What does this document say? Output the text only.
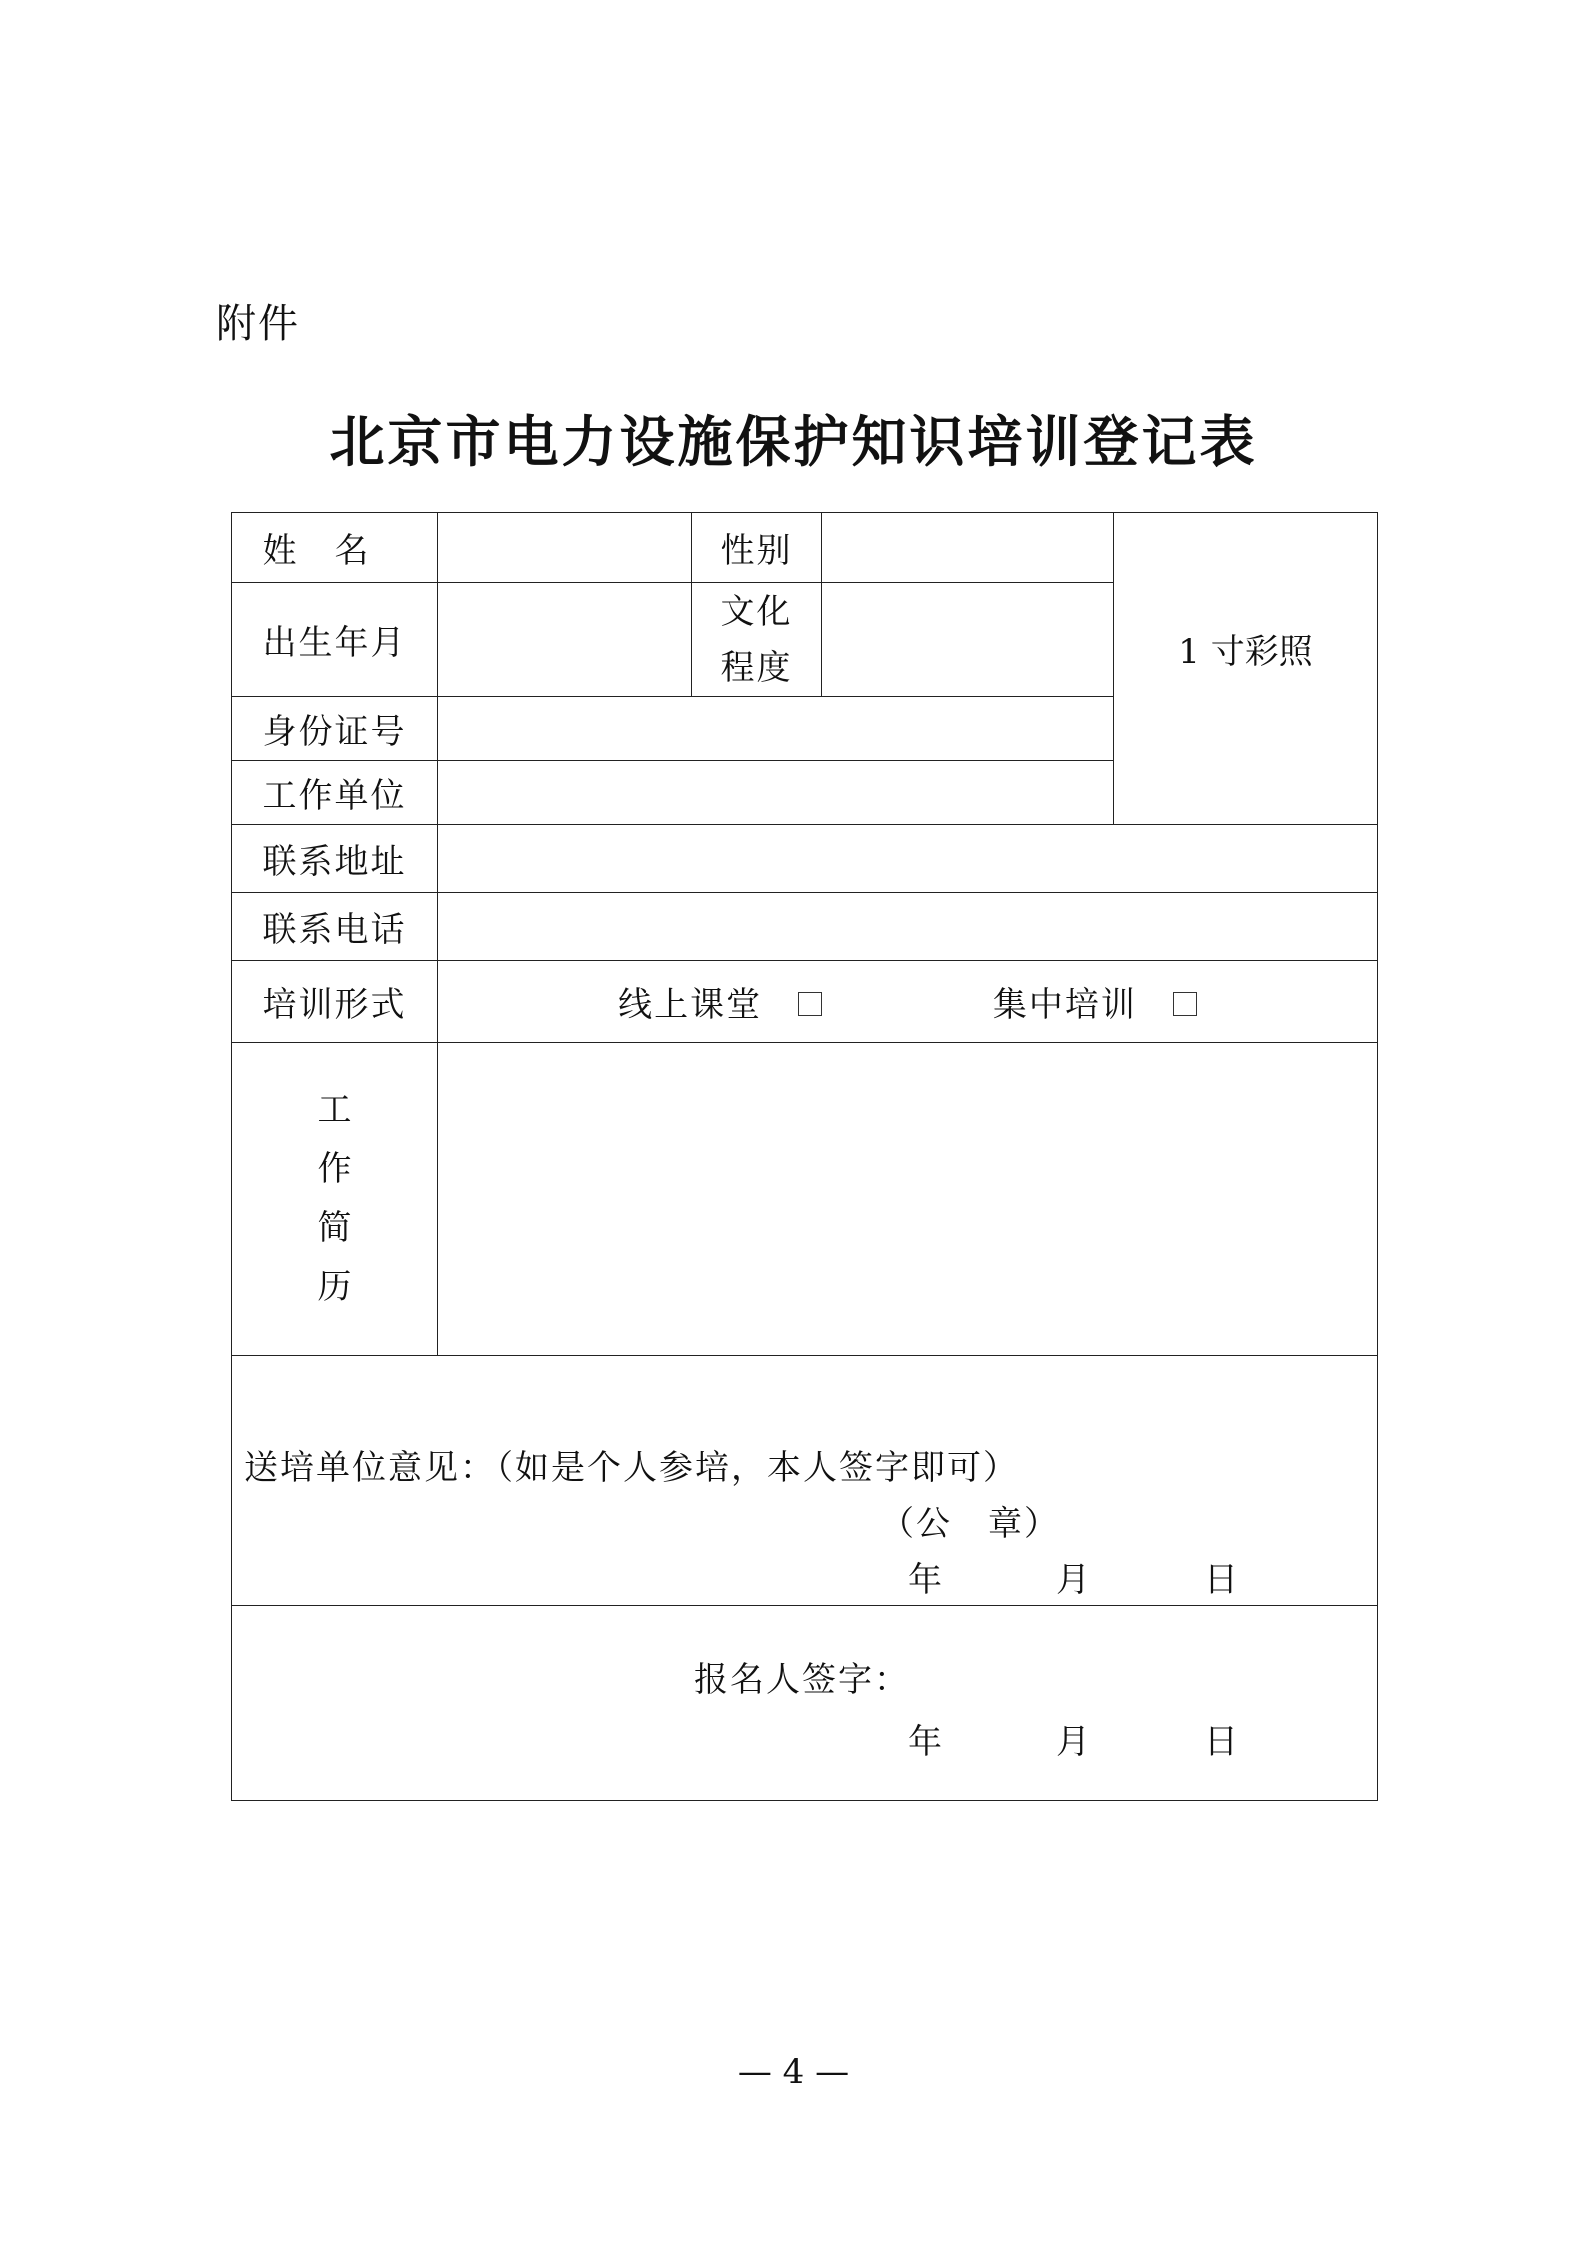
附件
北京市电力设施保护知识培训登记表
姓名		性别		1 寸彩照
出生年月		文化
程度		
身份证号				
工作单位				
联系地址				
联系电话				
培训形式	线上课堂 集中培训			
工
作
简
历				

送培单位意见：（如是个人参培，本人签字即可）
（公　章）
年 月 日				

报名人签字：
年 月 日				
— 4 —
